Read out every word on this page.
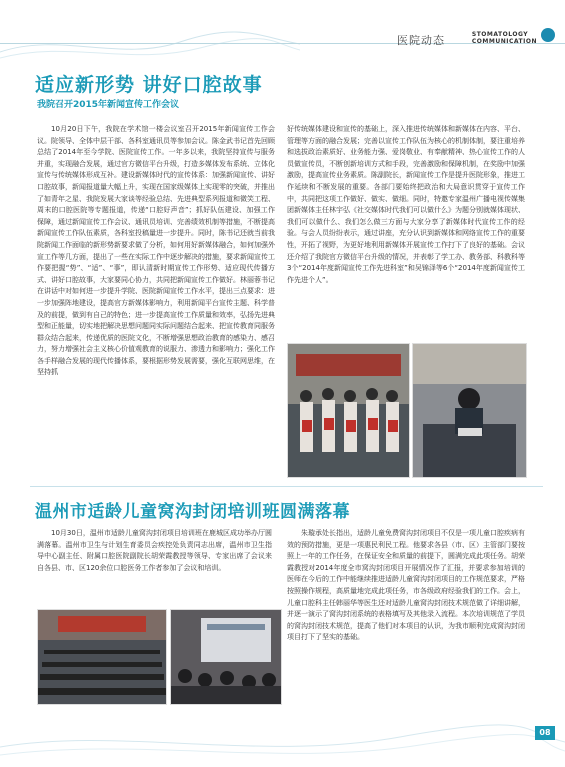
医院动态	STOMATOLOGY
COMMUNICATION
适应新形势 讲好口腔故事
我院召开2015年新闻宣传工作会议
10月20日下午，我院在学术馆一楼会议室召开2015年新闻宣传工作会议。院领导、全体中层干部、各科室通讯员等参加会议。陈金武书记首先回顾总结了2014年至今学院、医院宣传工作。一年多以来，我院坚持宣传与服务并重，实现融合发展，通过官方微信平台升级，打造多媒体发布系统、立体化宣传与传统媒体形成互补。建设新媒体时代的宣传体系：加强新闻宣传、讲好口腔故事，新闻报道量大幅上升，实现在国家级媒体上实现零的突破，并推出了如青年之星、我院发展大家谈等经验总结、先进典型系列报道和微笑工程、周末的口腔医院等专题报道，传递“口腔好声音”；抓好队伍建设、加强工作保障，通过新闻宣传工作会议、通讯员培训、完善绩效机制等措施，不断提高新闻宣传工作队伍素质，各科室投稿量进一步提升。同时，陈书记还就当前我院新闻工作面临的新形势新要求做了分析，如何用好新媒体融合，如何加强外宣工作等几方面，提出了一些在实际工作中逐步解决的措施，要求新闻宣传工作要把握“势”、“适”、“事”，即认清新时期宣传工作形势、适应现代传播方式、讲好口腔故事，大家要同心协力，共同把新闻宣传工作做好。林丽蓉书记在讲话中对如何进一步提升学院、医院新闻宣传工作水平，提出三点要求：进一步加强阵地建设，提高官方新媒体影响力，利用新闻平台宣传主题、科学普及的前提，做到有自己的特色；进一步提高宣传工作质量和效率，弘扬先进典型和正能量，切实地把解决思想问题同实际问题结合起来、把宣传教育同服务群众结合起来，传递优质的医院文化，不断增强思想政治教育的感染力、感召力，努力增强社会主义核心价值观教育的说服力、渗透力和影响力；强化工作各手样融合发展的现代传播体系，要根据形势发展需要，强化互联网思维，在坚持抓
好传统媒体建设和宣传的基础上，深入推进传统媒体和新媒体在内容、平台、管理等方面的融合发展；完善以宣传工作队伍为核心的机制体制，要注重培养和选拔政治素质好、业务能力强、爱岗敬业、有奉献精神、热心宣传工作的人员做宣传员，不断创新培训方式和手段，完善激励和保障机制，在奖励中加强激励，提高宣传业务素质。陈副院长，新闻宣传工作是提升医院形象，推进工作延续和不断发展的重要。各部门要始终把政治和大局意识贯穿于宣传工作中，共同把这项工作做好、做实、做细。同时，特邀专家温州广播电视传媒集团新媒体主任林宇弘《社交媒体时代我们可以做什么》为题分别就媒体现状、我们可以做什么、我们怎么做三方面与大家分享了新媒体时代宣传工作的经验。与会人员纷纷表示，通过讲座，充分认识到新媒体和网络宣传工作的重要性，开拓了视野，为更好地利用新媒体开展宣传工作打下了良好的基础。会议还介绍了我院官方微信平台升级的情况，并表彰了学工办、教务部、科教科等3个“2014年度新闻宣传工作先进科室”和吴锦泽等6个“2014年度新闻宣传工作先进个人”。
温州市适龄儿童窝沟封闭培训班圆满落幕
10月30日，温州市适龄儿童窝沟封闭项目培训班在鹿城区成功举办厅圆满落幕。温州市卫生与计划生育委员会疾控处负责同志出席，温州市卫生指导中心副主任、附属口腔医院副院长胡荣霞教授等领导、专家出席了会议来自各县、市、区120余位口腔医务工作者参加了会议和培训。
朱璇承处长指出，适龄儿童免费窝沟封闭项目不仅是一项儿童口腔疾病有效的预防措施，更是一项惠民利民工程。他要求各县（市、区）主管部门要按照上一年的工作任务，在保证安全和质量的前提下，圆满完成此项任务。胡荣霞教授对2014年度全市窝沟封闭项目开展情况作了汇报，并要求参加培训的医师在今后的工作中能继续推进适龄儿童窝沟封闭项目的工作规范要求，严格按照操作规程，高质量地完成此项任务，市各级政府经验我们的工作。会上，儿童口腔科主任韩丽华等医生还对适龄儿童窝沟封闭技术规范做了详细讲解，并逐一演示了窝沟封闭系统的表格填写及其他录入流程。本次培训规范了学员的窝沟封闭技术规范，提高了他们对本项目的认识，为我市顺利完成窝沟封闭项目打下了坚实的基础。
08
